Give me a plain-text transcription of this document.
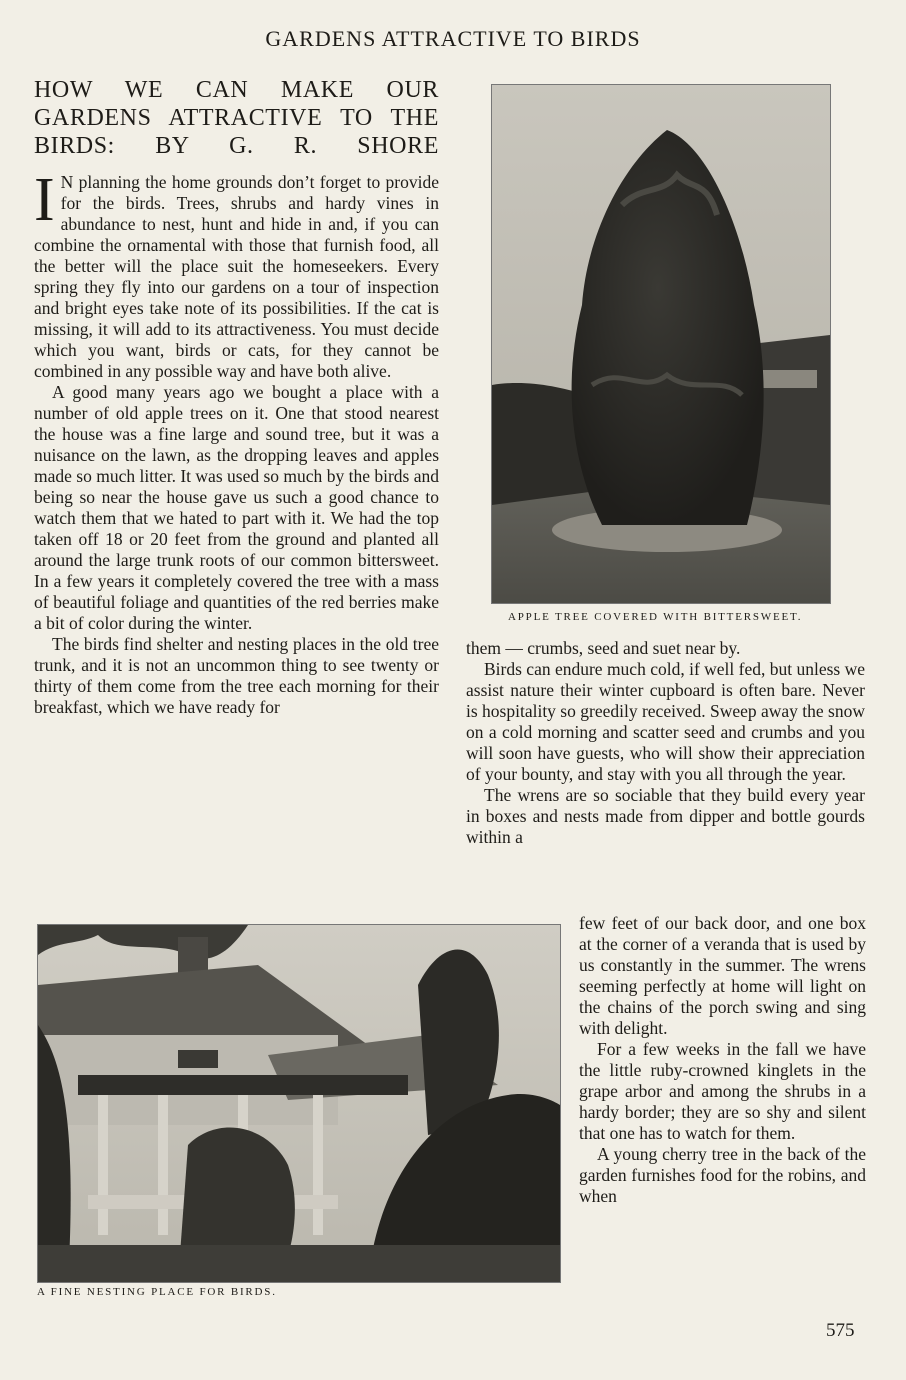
GARDENS ATTRACTIVE TO BIRDS
HOW WE CAN MAKE OUR GARDENS ATTRACTIVE TO THE BIRDS: BY G. R. SHORE

I N planning the home grounds don’t forget to provide for the birds. Trees, shrubs and hardy vines in abundance to nest, hunt and hide in and, if you can combine the ornamental with those that furnish food, all the better will the place suit the homeseekers. Every spring they fly into our gardens on a tour of inspection and bright eyes take note of its possibilities. If the cat is missing, it will add to its attractiveness. You must decide which you want, birds or cats, for they cannot be combined in any possible way and have both alive.

A good many years ago we bought a place with a number of old apple trees on it. One that stood nearest the house was a fine large and sound tree, but it was a nuisance on the lawn, as the dropping leaves and apples made so much litter. It was used so much by the birds and being so near the house gave us such a good chance to watch them that we hated to part with it. We had the top taken off 18 or 20 feet from the ground and planted all around the large trunk roots of our common bittersweet. In a few years it completely covered the tree with a mass of beautiful foliage and quantities of the red berries make a bit of color during the winter.

The birds find shelter and nesting places in the old tree trunk, and it is not an uncommon thing to see twenty or thirty of them come from the tree each morning for their breakfast, which we have ready for

APPLE TREE COVERED WITH BITTERSWEET.

them — crumbs, seed and suet near by.

Birds can endure much cold, if well fed, but unless we assist nature their winter cupboard is often bare. Never is hospitality so greedily received. Sweep away the snow on a cold morning and scatter seed and crumbs and you will soon have guests, who will show their appreciation of your bounty, and stay with you all through the year.

The wrens are so sociable that they build every year in boxes and nests made from dipper and bottle gourds within a

A FINE NESTING PLACE FOR BIRDS.

few feet of our back door, and one box at the corner of a veranda that is used by us constantly in the summer. The wrens seeming perfectly at home will light on the chains of the porch swing and sing with delight.

For a few weeks in the fall we have the little ruby-crowned kinglets in the grape arbor and among the shrubs in a hardy border; they are so shy and silent that one has to watch for them.

A young cherry tree in the back of the garden furnishes food for the robins, and when

575
